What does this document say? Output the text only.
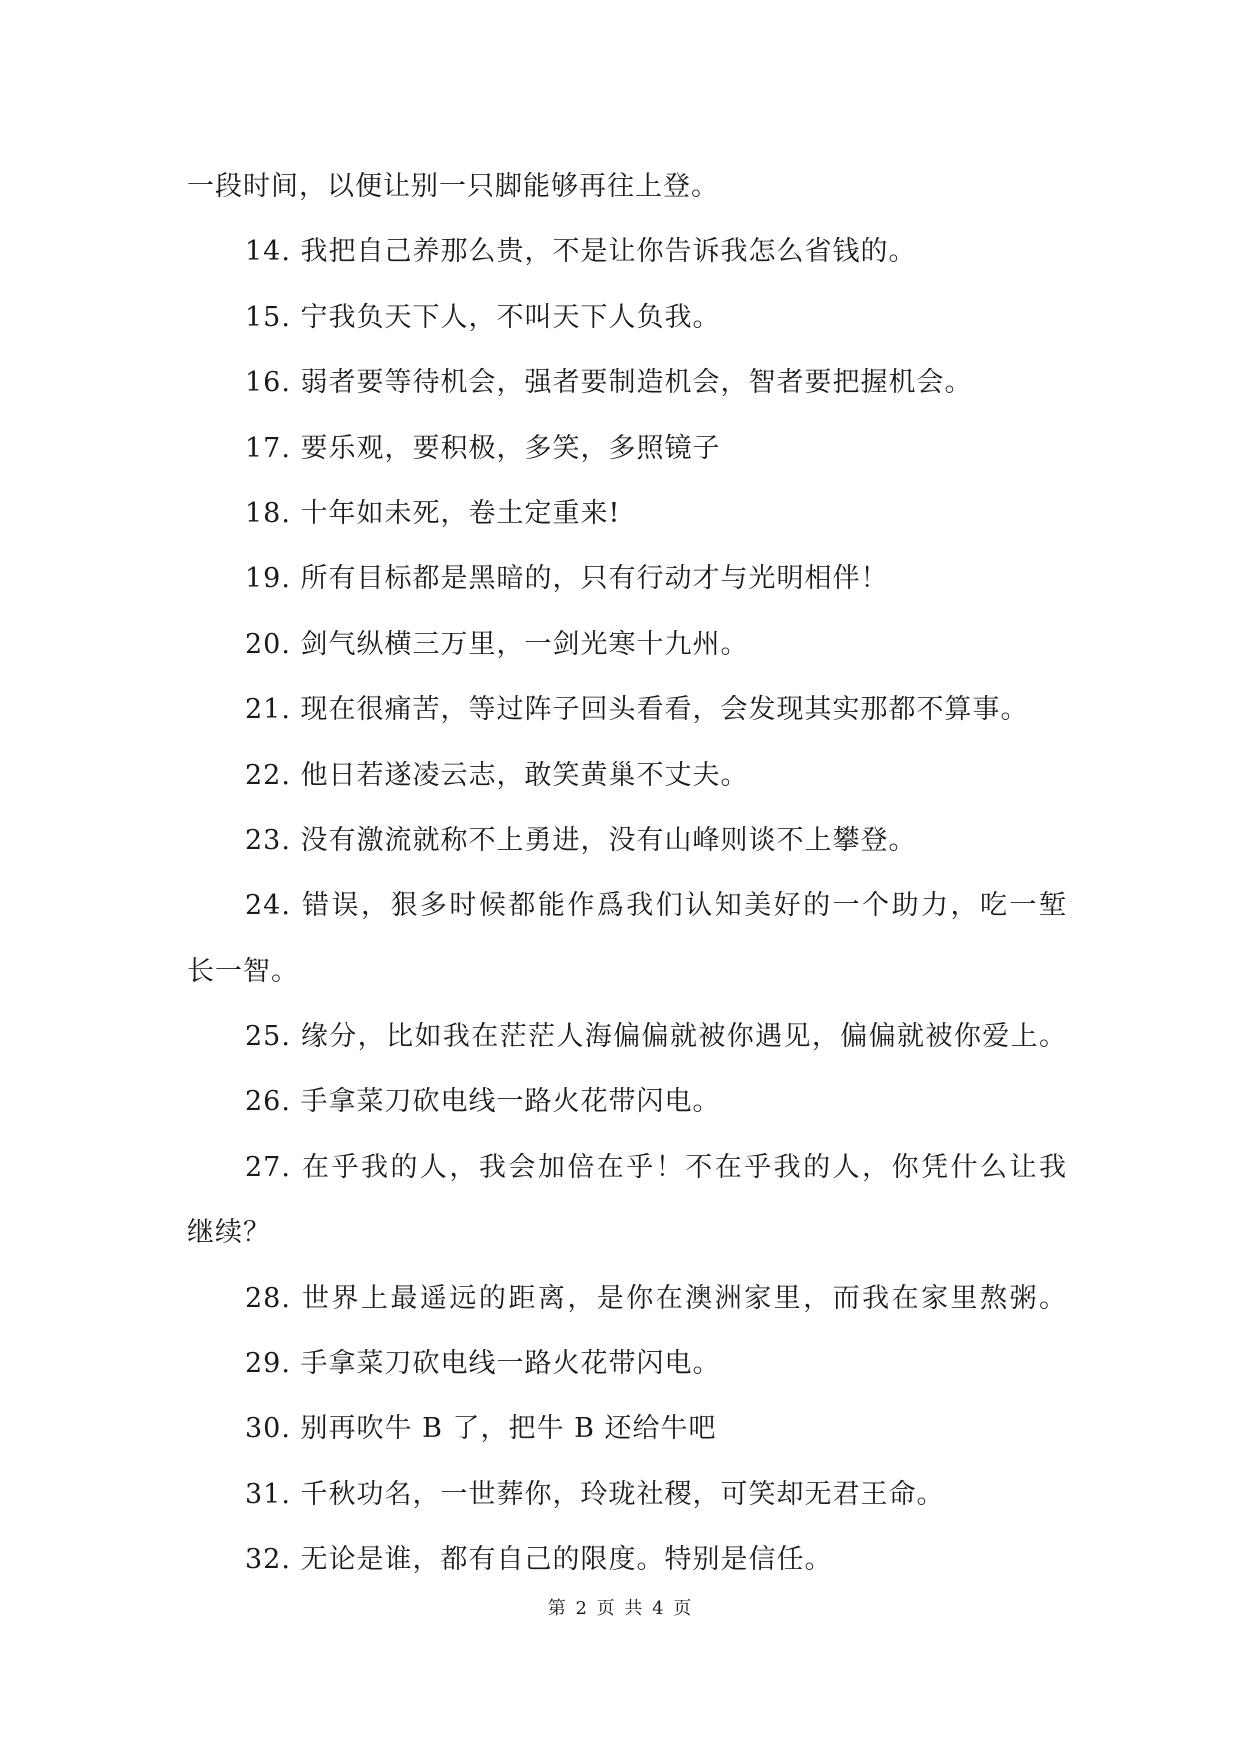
一段时间，以便让别一只脚能够再往上登。
14. 我把自己养那么贵，不是让你告诉我怎么省钱的。
15. 宁我负天下人，不叫天下人负我。
16. 弱者要等待机会，强者要制造机会，智者要把握机会。
17. 要乐观，要积极，多笑，多照镜子
18. 十年如未死，卷土定重来!
19. 所有目标都是黑暗的，只有行动才与光明相伴！
20. 剑气纵横三万里，一剑光寒十九州。
21. 现在很痛苦，等过阵子回头看看，会发现其实那都不算事。
22. 他日若遂凌云志，敢笑黄巢不丈夫。
23. 没有激流就称不上勇进，没有山峰则谈不上攀登。
24. 错误，狠多时候都能作爲我们认知美好的一个助力，吃一堑
长一智。
25. 缘分，比如我在茫茫人海偏偏就被你遇见，偏偏就被你爱上。
26. 手拿菜刀砍电线一路火花带闪电。
27. 在乎我的人，我会加倍在乎！不在乎我的人，你凭什么让我
继续？
28. 世界上最遥远的距离，是你在澳洲家里，而我在家里熬粥。
29. 手拿菜刀砍电线一路火花带闪电。
30. 别再吹牛 B 了，把牛 B 还给牛吧
31. 千秋功名，一世葬你，玲珑社稷，可笑却无君王命。
32. 无论是谁，都有自己的限度。特别是信任。
第 2 页 共 4 页
